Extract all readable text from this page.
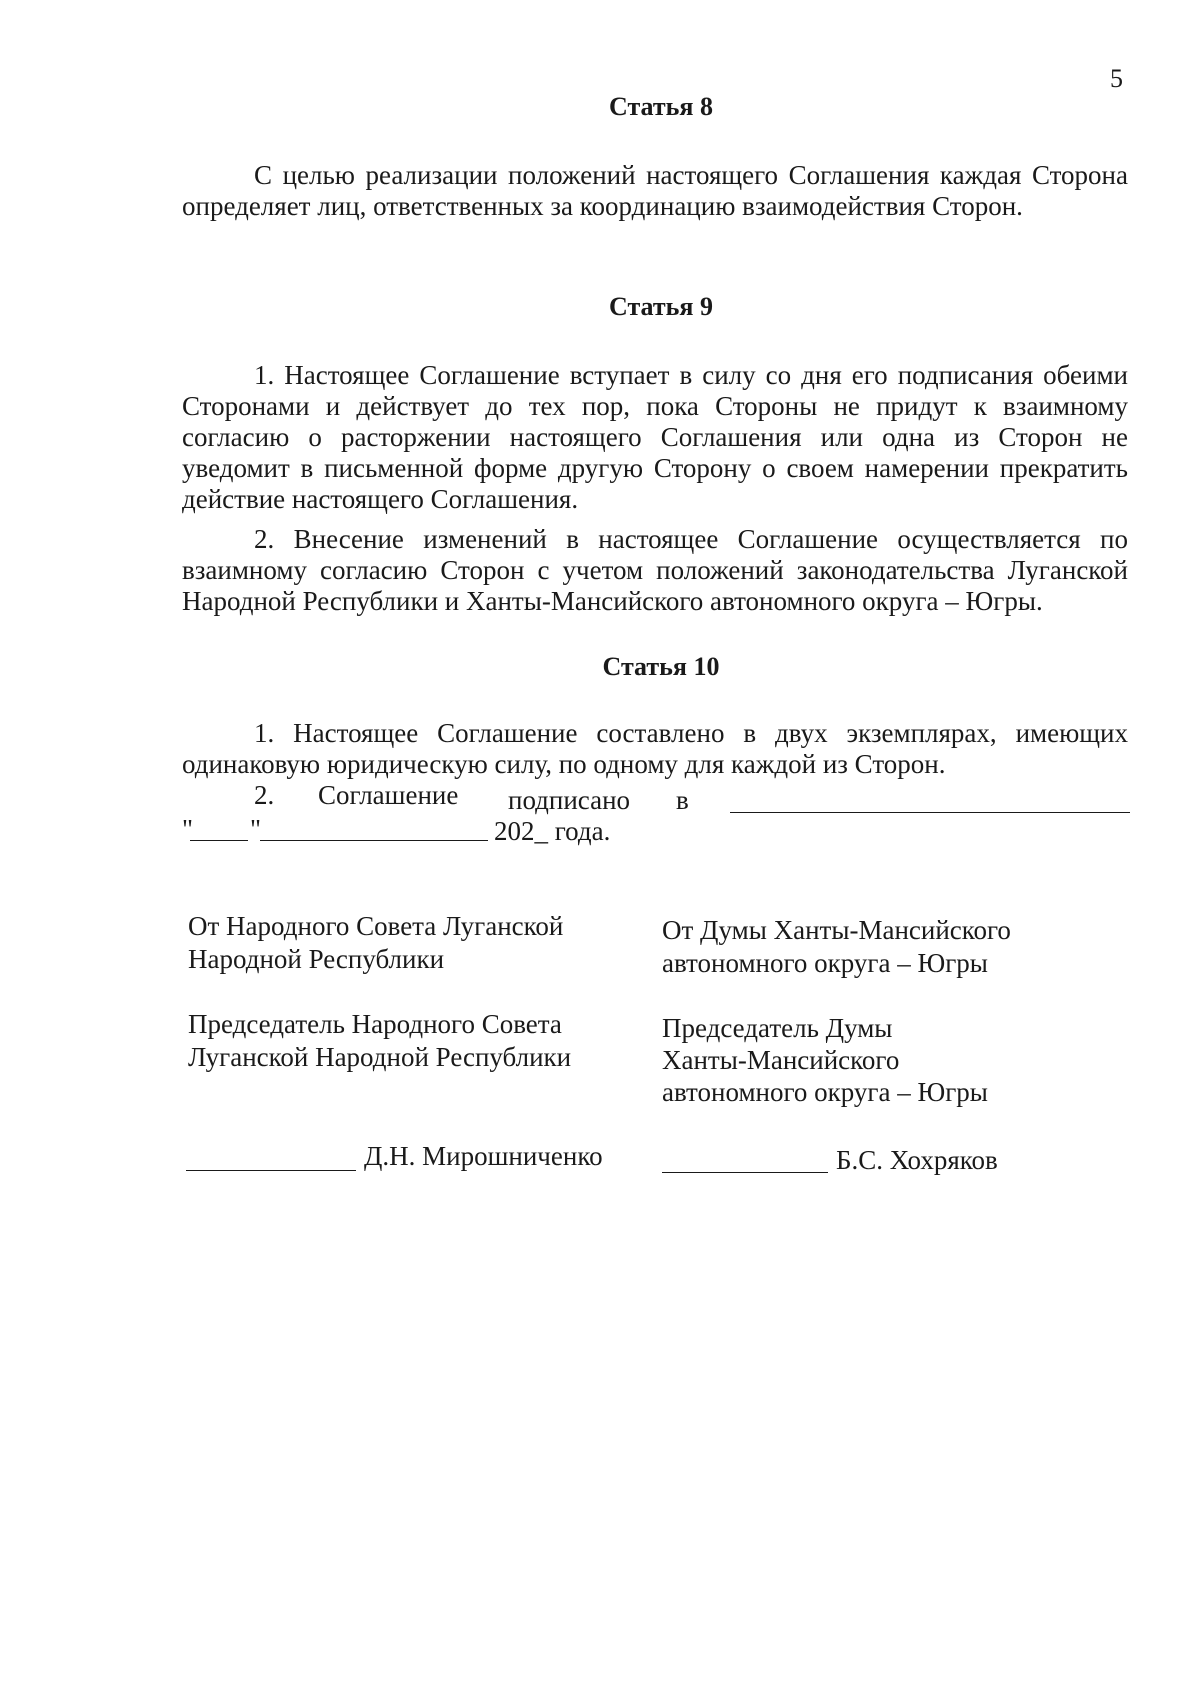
5
Статья 8
С целью реализации положений настоящего Соглашения каждая Сторона определяет лиц, ответственных за координацию взаимодействия Сторон.
Статья 9
1. Настоящее Соглашение вступает в силу со дня его подписания обеими Сторонами и действует до тех пор, пока Стороны не придут к взаимному согласию о расторжении настоящего Соглашения или одна из Сторон не уведомит в письменной форме другую Сторону о своем намерении прекратить действие настоящего Соглашения.
2. Внесение изменений в настоящее Соглашение осуществляется по взаимному согласию Сторон с учетом положений законодательства Луганской Народной Республики и Ханты-Мансийского автономного округа – Югры.
Статья 10
1. Настоящее Соглашение составлено в двух экземплярах, имеющих одинаковую юридическую силу, по одному для каждой из Сторон.
2. Соглашение подписано в
" "	202_ года.
От Народного Совета Луганской Народной Республики
Председатель Народного Совета Луганской Народной Республики
Д.Н. Мирошниченко
От Думы Ханты-Мансийского автономного округа – Югры
Председатель Думы
Ханты-Мансийского
автономного округа – Югры
Б.С. Хохряков
